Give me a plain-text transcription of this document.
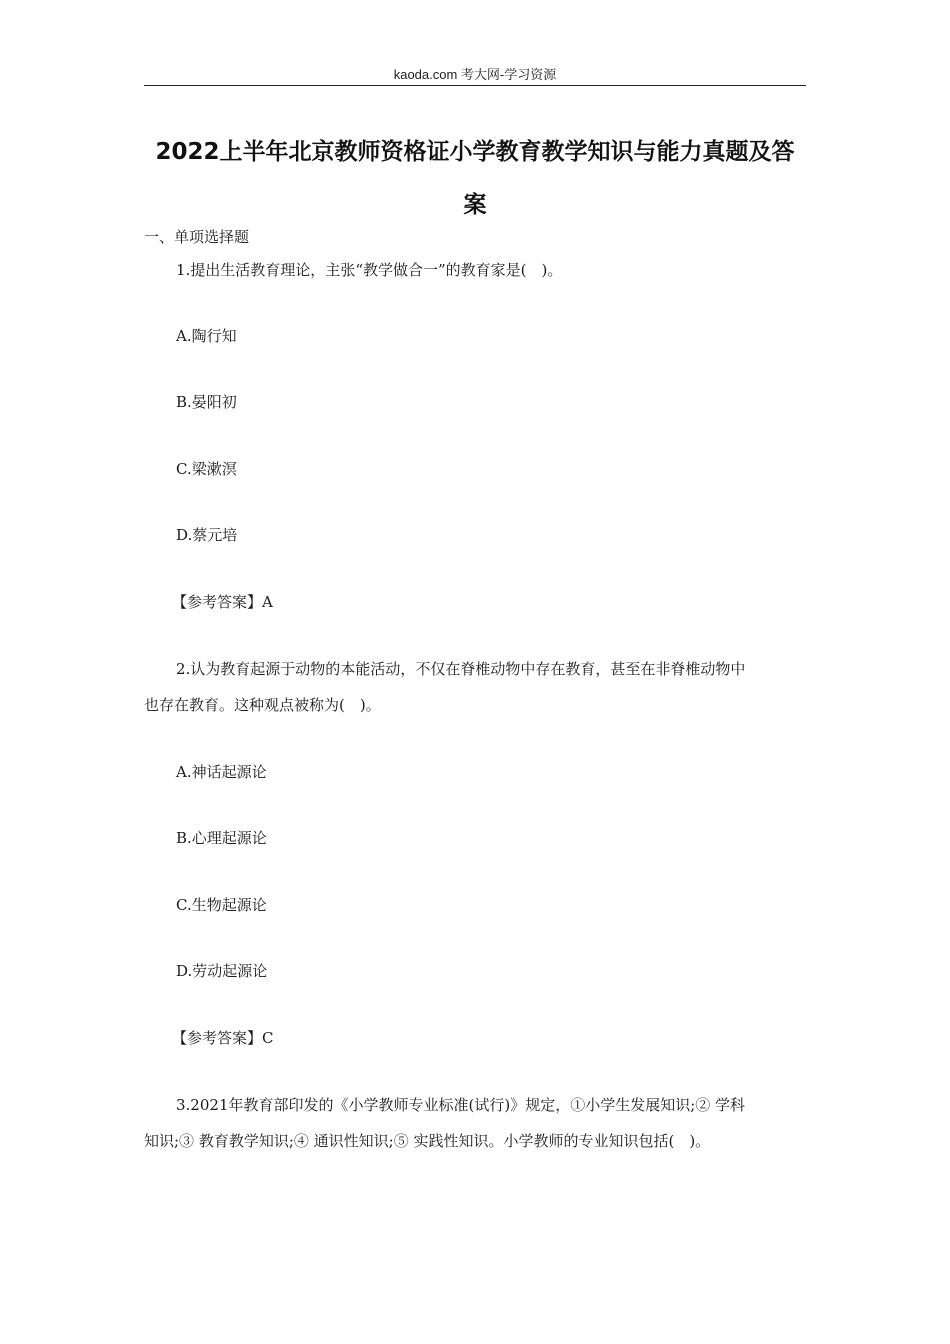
kaoda.com 考大网-学习资源
2022上半年北京教师资格证小学教育教学知识与能力真题及答
案
一、单项选择题
1.提出生活教育理论，主张“教学做合一”的教育家是(　)。
A.陶行知
B.晏阳初
C.梁漱溟
D.蔡元培
【参考答案】A
2.认为教育起源于动物的本能活动，不仅在脊椎动物中存在教育，甚至在非脊椎动物中
也存在教育。这种观点被称为(　)。
A.神话起源论
B.心理起源论
C.生物起源论
D.劳动起源论
【参考答案】C
3.2021年教育部印发的《小学教师专业标准(试行)》规定，①小学生发展知识;② 学科
知识;③ 教育教学知识;④ 通识性知识;⑤ 实践性知识。小学教师的专业知识包括(　)。
